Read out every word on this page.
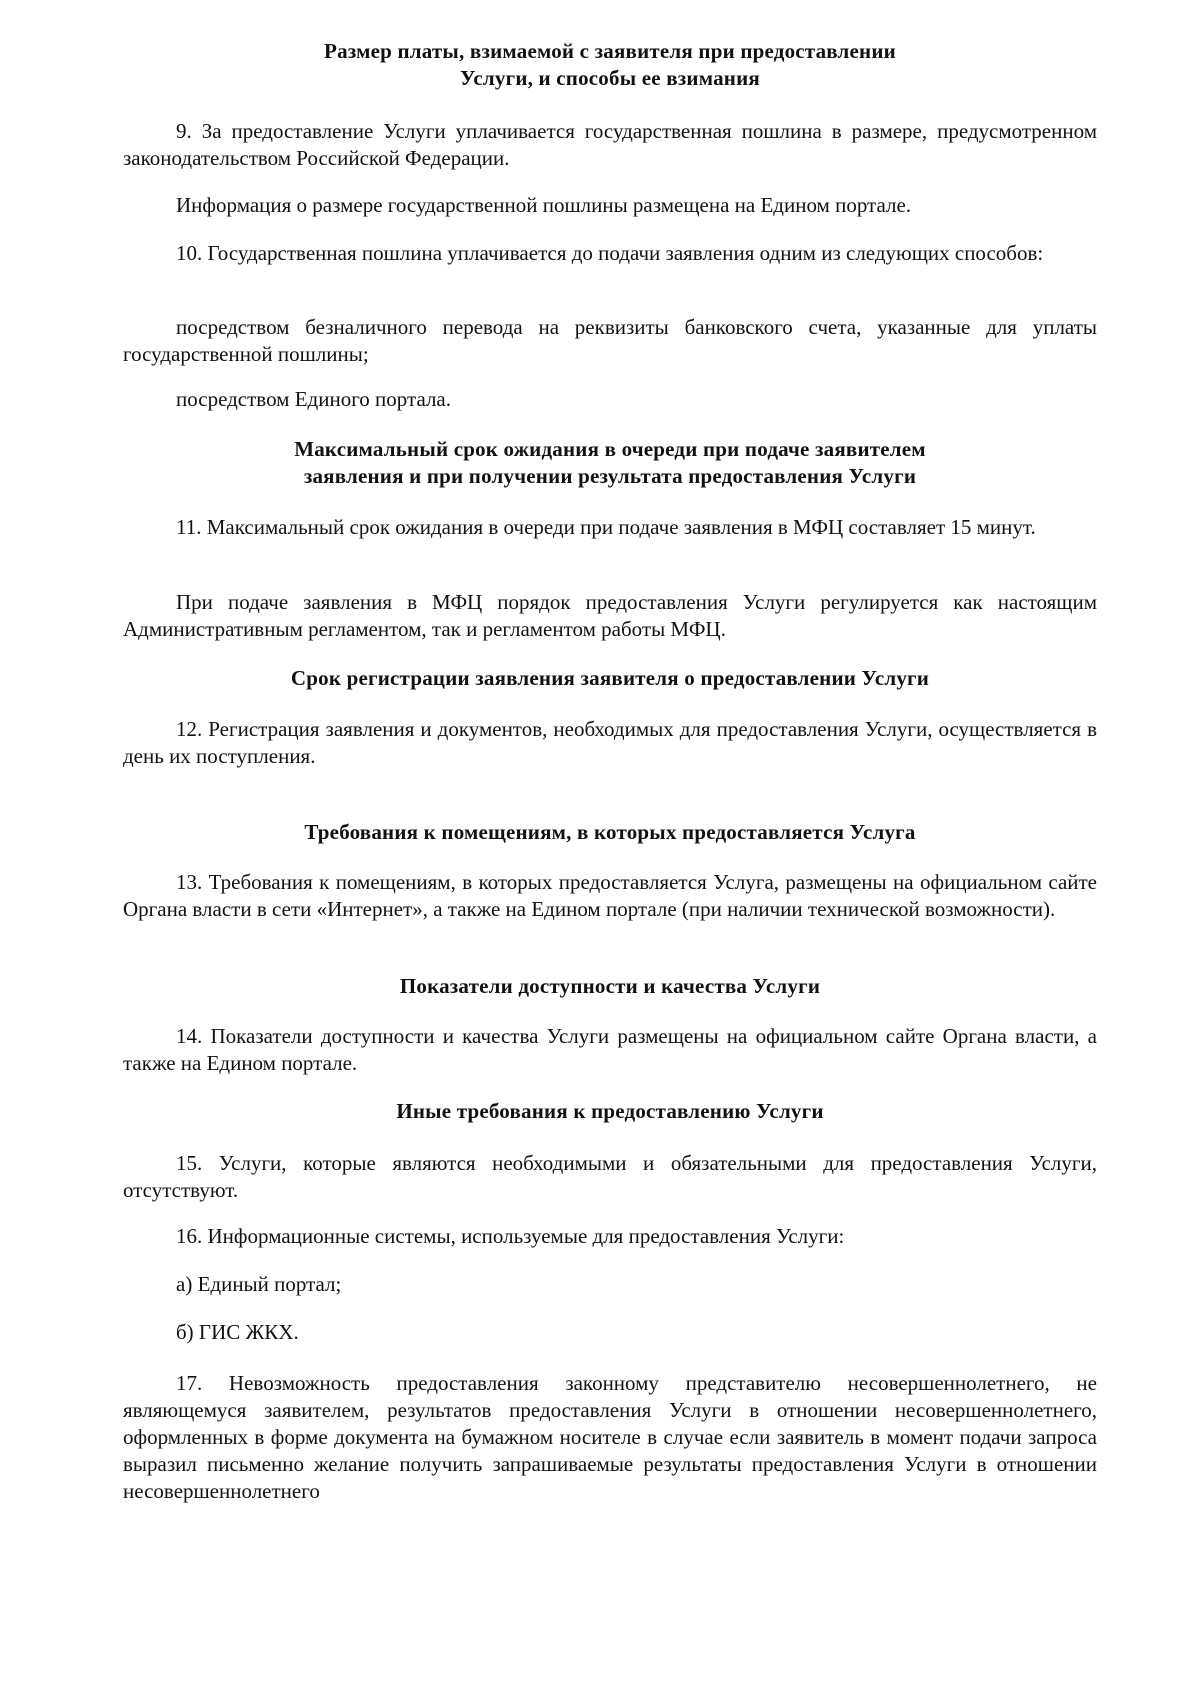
Размер платы, взимаемой с заявителя при предоставлении
Услуги, и способы ее взимания

9. За предоставление Услуги уплачивается государственная пошлина в размере, предусмотренном законодательством Российской Федерации.

Информация о размере государственной пошлины размещена на Едином портале.

10. Государственная пошлина уплачивается до подачи заявления одним из следующих способов:

посредством безналичного перевода на реквизиты банковского счета, указанные для уплаты государственной пошлины;

посредством Единого портала.

Максимальный срок ожидания в очереди при подаче заявителем
заявления и при получении результата предоставления Услуги

11. Максимальный срок ожидания в очереди при подаче заявления в МФЦ составляет 15 минут.

При подаче заявления в МФЦ порядок предоставления Услуги регулируется как настоящим Административным регламентом, так и регламентом работы МФЦ.

Срок регистрации заявления заявителя о предоставлении Услуги

12. Регистрация заявления и документов, необходимых для предоставления Услуги, осуществляется в день их поступления.

Требования к помещениям, в которых предоставляется Услуга

13. Требования к помещениям, в которых предоставляется Услуга, размещены на официальном сайте Органа власти в сети «Интернет», а также на Едином портале (при наличии технической возможности).

Показатели доступности и качества Услуги

14. Показатели доступности и качества Услуги размещены на официальном сайте Органа власти, а также на Едином портале.

Иные требования к предоставлению Услуги

15. Услуги, которые являются необходимыми и обязательными для предоставления Услуги, отсутствуют.

16. Информационные системы, используемые для предоставления Услуги:

а) Единый портал;

б) ГИС ЖКХ.

17. Невозможность предоставления законному представителю несовершеннолетнего, не являющемуся заявителем, результатов предоставления Услуги в отношении несовершеннолетнего, оформленных в форме документа на бумажном носителе в случае если заявитель в момент подачи запроса выразил письменно желание получить запрашиваемые результаты предоставления Услуги в отношении несовершеннолетнего
